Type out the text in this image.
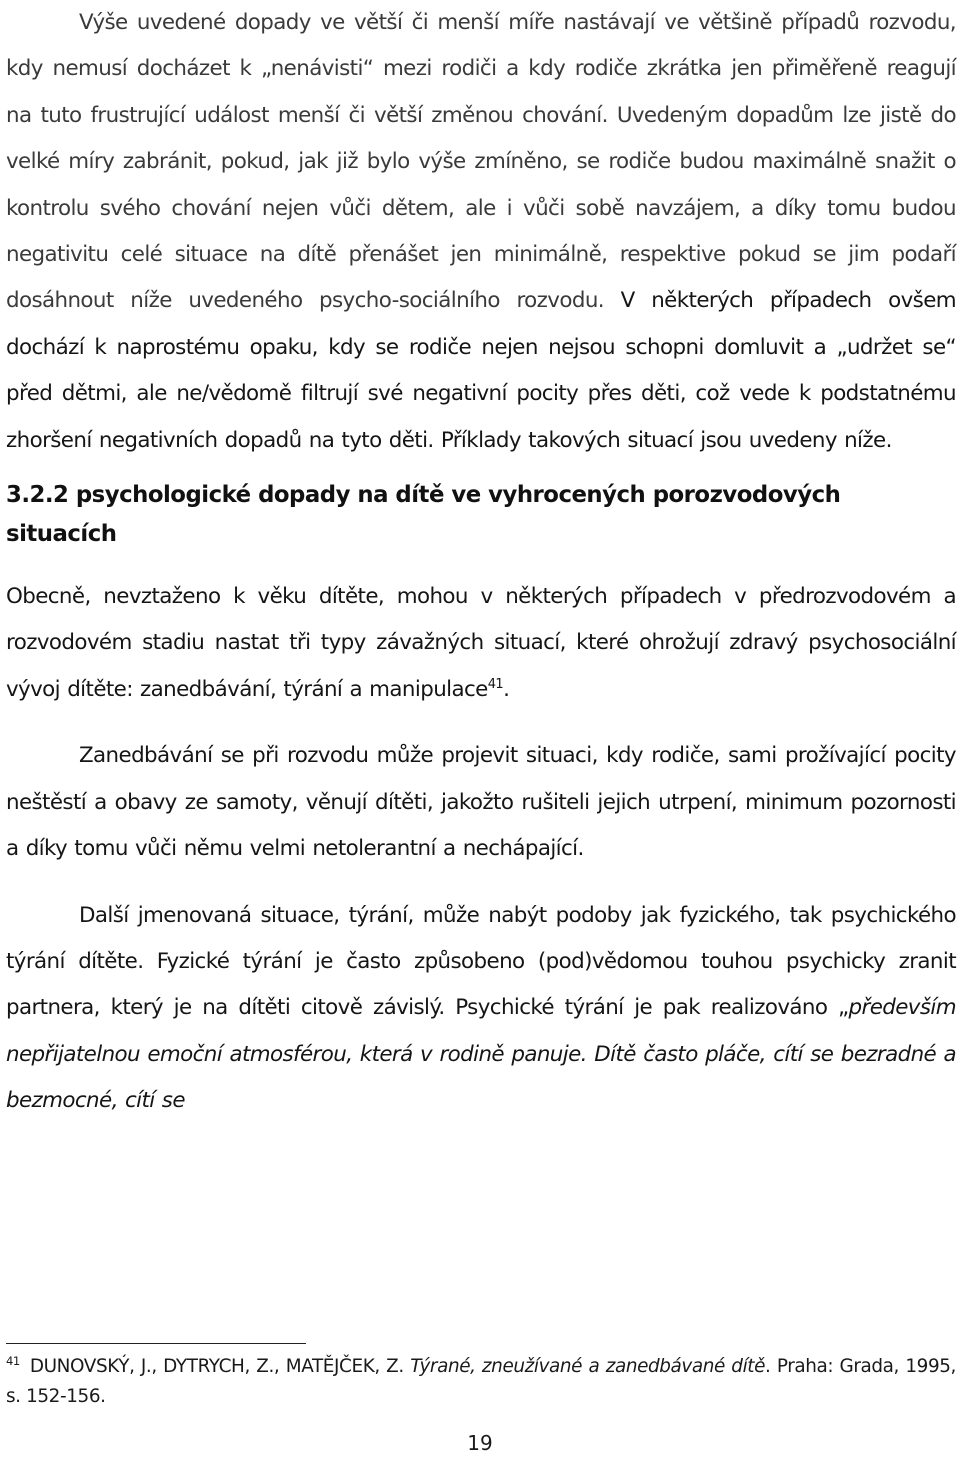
Výše uvedené dopady ve větší či menší míře nastávají ve většině případů rozvodu, kdy nemusí docházet k „nenávisti“ mezi rodiči a kdy rodiče zkrátka jen přiměřeně reagují na tuto frustrující událost menší či větší změnou chování. Uvedeným dopadům lze jistě do velké míry zabránit, pokud, jak již bylo výše zmíněno, se rodiče budou maximálně snažit o kontrolu svého chování nejen vůči dětem, ale i vůči sobě navzájem, a díky tomu budou negativitu celé situace na dítě přenášet jen minimálně, respektive pokud se jim podaří dosáhnout níže uvedeného psycho-sociálního rozvodu. V některých případech ovšem dochází k naprostému opaku, kdy se rodiče nejen nejsou schopni domluvit a „udržet se“ před dětmi, ale ne/vědomě filtrují své negativní pocity přes děti, což vede k podstatnému zhoršení negativních dopadů na tyto děti. Příklady takových situací jsou uvedeny níže.

3.2.2 psychologické dopady na dítě ve vyhrocených porozvodových situacích

Obecně, nevztaženo k věku dítěte, mohou v některých případech v předrozvodovém a rozvodovém stadiu nastat tři typy závažných situací, které ohrožují zdravý psychosociální vývoj dítěte: zanedbávání, týrání a manipulace$^{41}$.

Zanedbávání se při rozvodu může projevit situaci, kdy rodiče, sami prožívající pocity neštěstí a obavy ze samoty, věnují dítěti, jakožto rušiteli jejich utrpení, minimum pozornosti a díky tomu vůči němu velmi netolerantní a nechápající.

Další jmenovaná situace, týrání, může nabýt podoby jak fyzického, tak psychického týrání dítěte. Fyzické týrání je často způsobeno (pod)vědomou touhou psychicky zranit partnera, který je na dítěti citově závislý. Psychické týrání je pak realizováno „především nepřijatelnou emoční atmosférou, která v rodině panuje. Dítě často pláče, cítí se bezradné a bezmocné, cítí se

$^{41}$ DUNOVSKÝ, J., DYTRYCH, Z., MATĚJČEK, Z. Týrané, zneužívané a zanedbávané dítě. Praha: Grada, 1995, s. 152-156.

19
